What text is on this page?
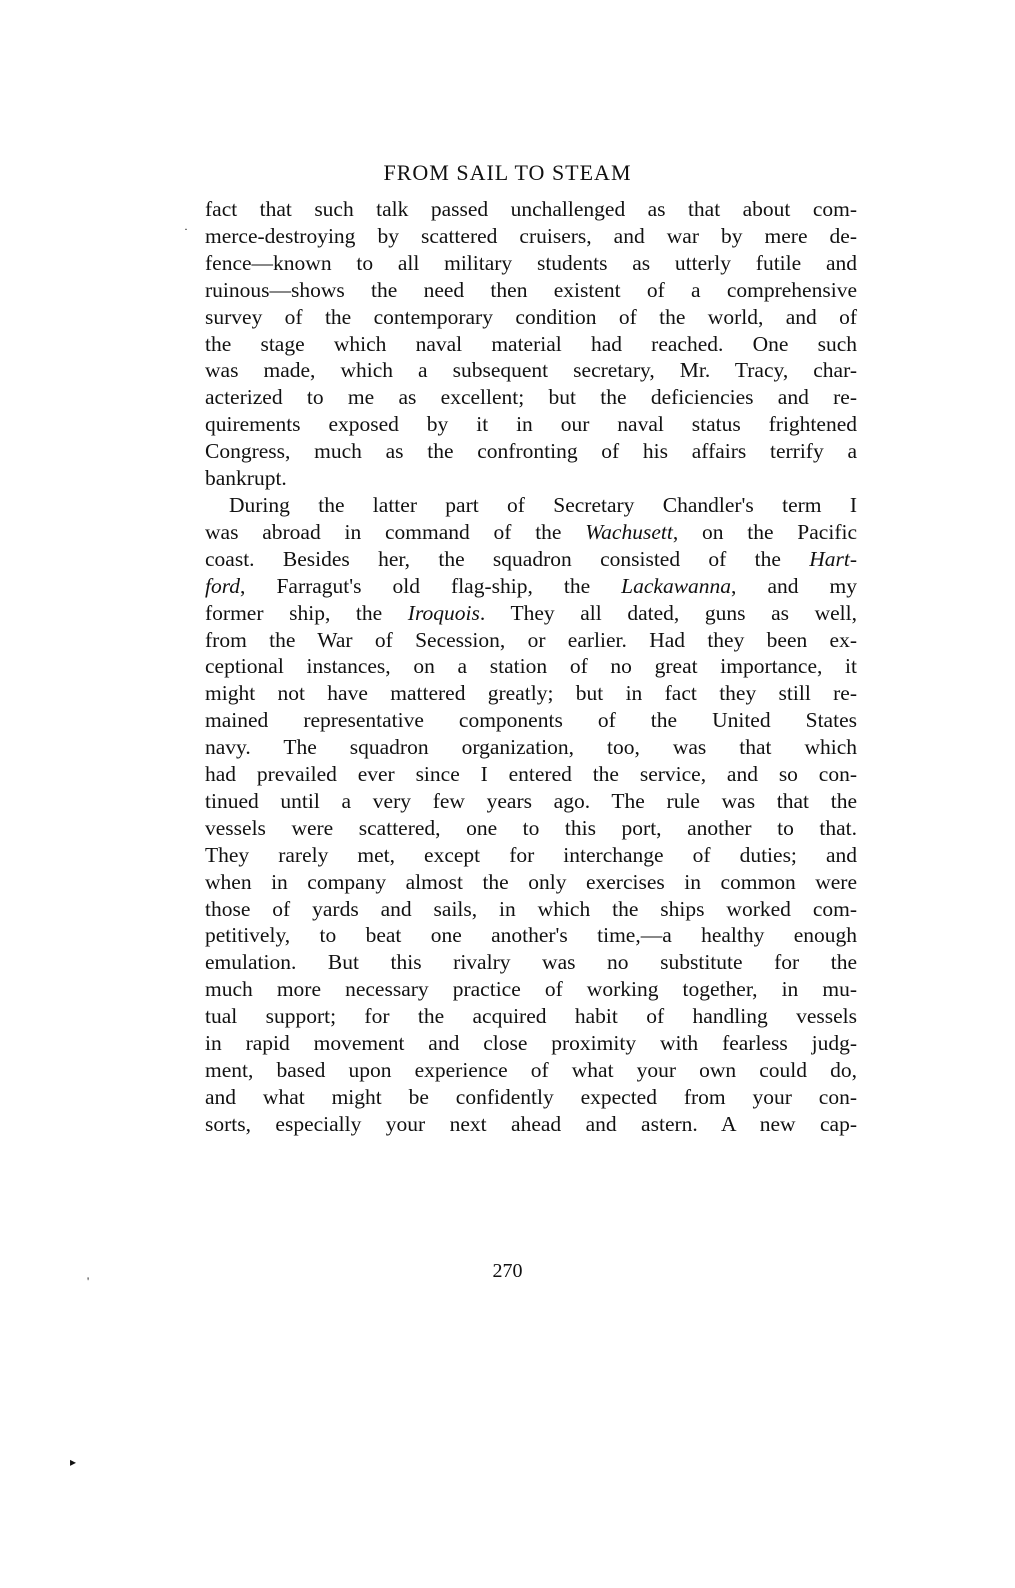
FROM SAIL TO STEAM
fact that such talk passed unchallenged as that about com-
merce-destroying by scattered cruisers, and war by mere de-
fence—known to all military students as utterly futile and
ruinous—shows the need then existent of a comprehensive
survey of the contemporary condition of the world, and of
the stage which naval material had reached. One such
was made, which a subsequent secretary, Mr. Tracy, char-
acterized to me as excellent; but the deficiencies and re-
quirements exposed by it in our naval status frightened
Congress, much as the confronting of his affairs terrify a
bankrupt.
During the latter part of Secretary Chandler's term I
was abroad in command of the Wachusett, on the Pacific
coast. Besides her, the squadron consisted of the Hart-
ford, Farragut's old flag-ship, the Lackawanna, and my
former ship, the Iroquois. They all dated, guns as well,
from the War of Secession, or earlier. Had they been ex-
ceptional instances, on a station of no great importance, it
might not have mattered greatly; but in fact they still re-
mained representative components of the United States
navy. The squadron organization, too, was that which
had prevailed ever since I entered the service, and so con-
tinued until a very few years ago. The rule was that the
vessels were scattered, one to this port, another to that.
They rarely met, except for interchange of duties; and
when in company almost the only exercises in common were
those of yards and sails, in which the ships worked com-
petitively, to beat one another's time,—a healthy enough
emulation. But this rivalry was no substitute for the
much more necessary practice of working together, in mu-
tual support; for the acquired habit of handling vessels
in rapid movement and close proximity with fearless judg-
ment, based upon experience of what your own could do,
and what might be confidently expected from your con-
sorts, especially your next ahead and astern. A new cap-
270
·
'
▸
